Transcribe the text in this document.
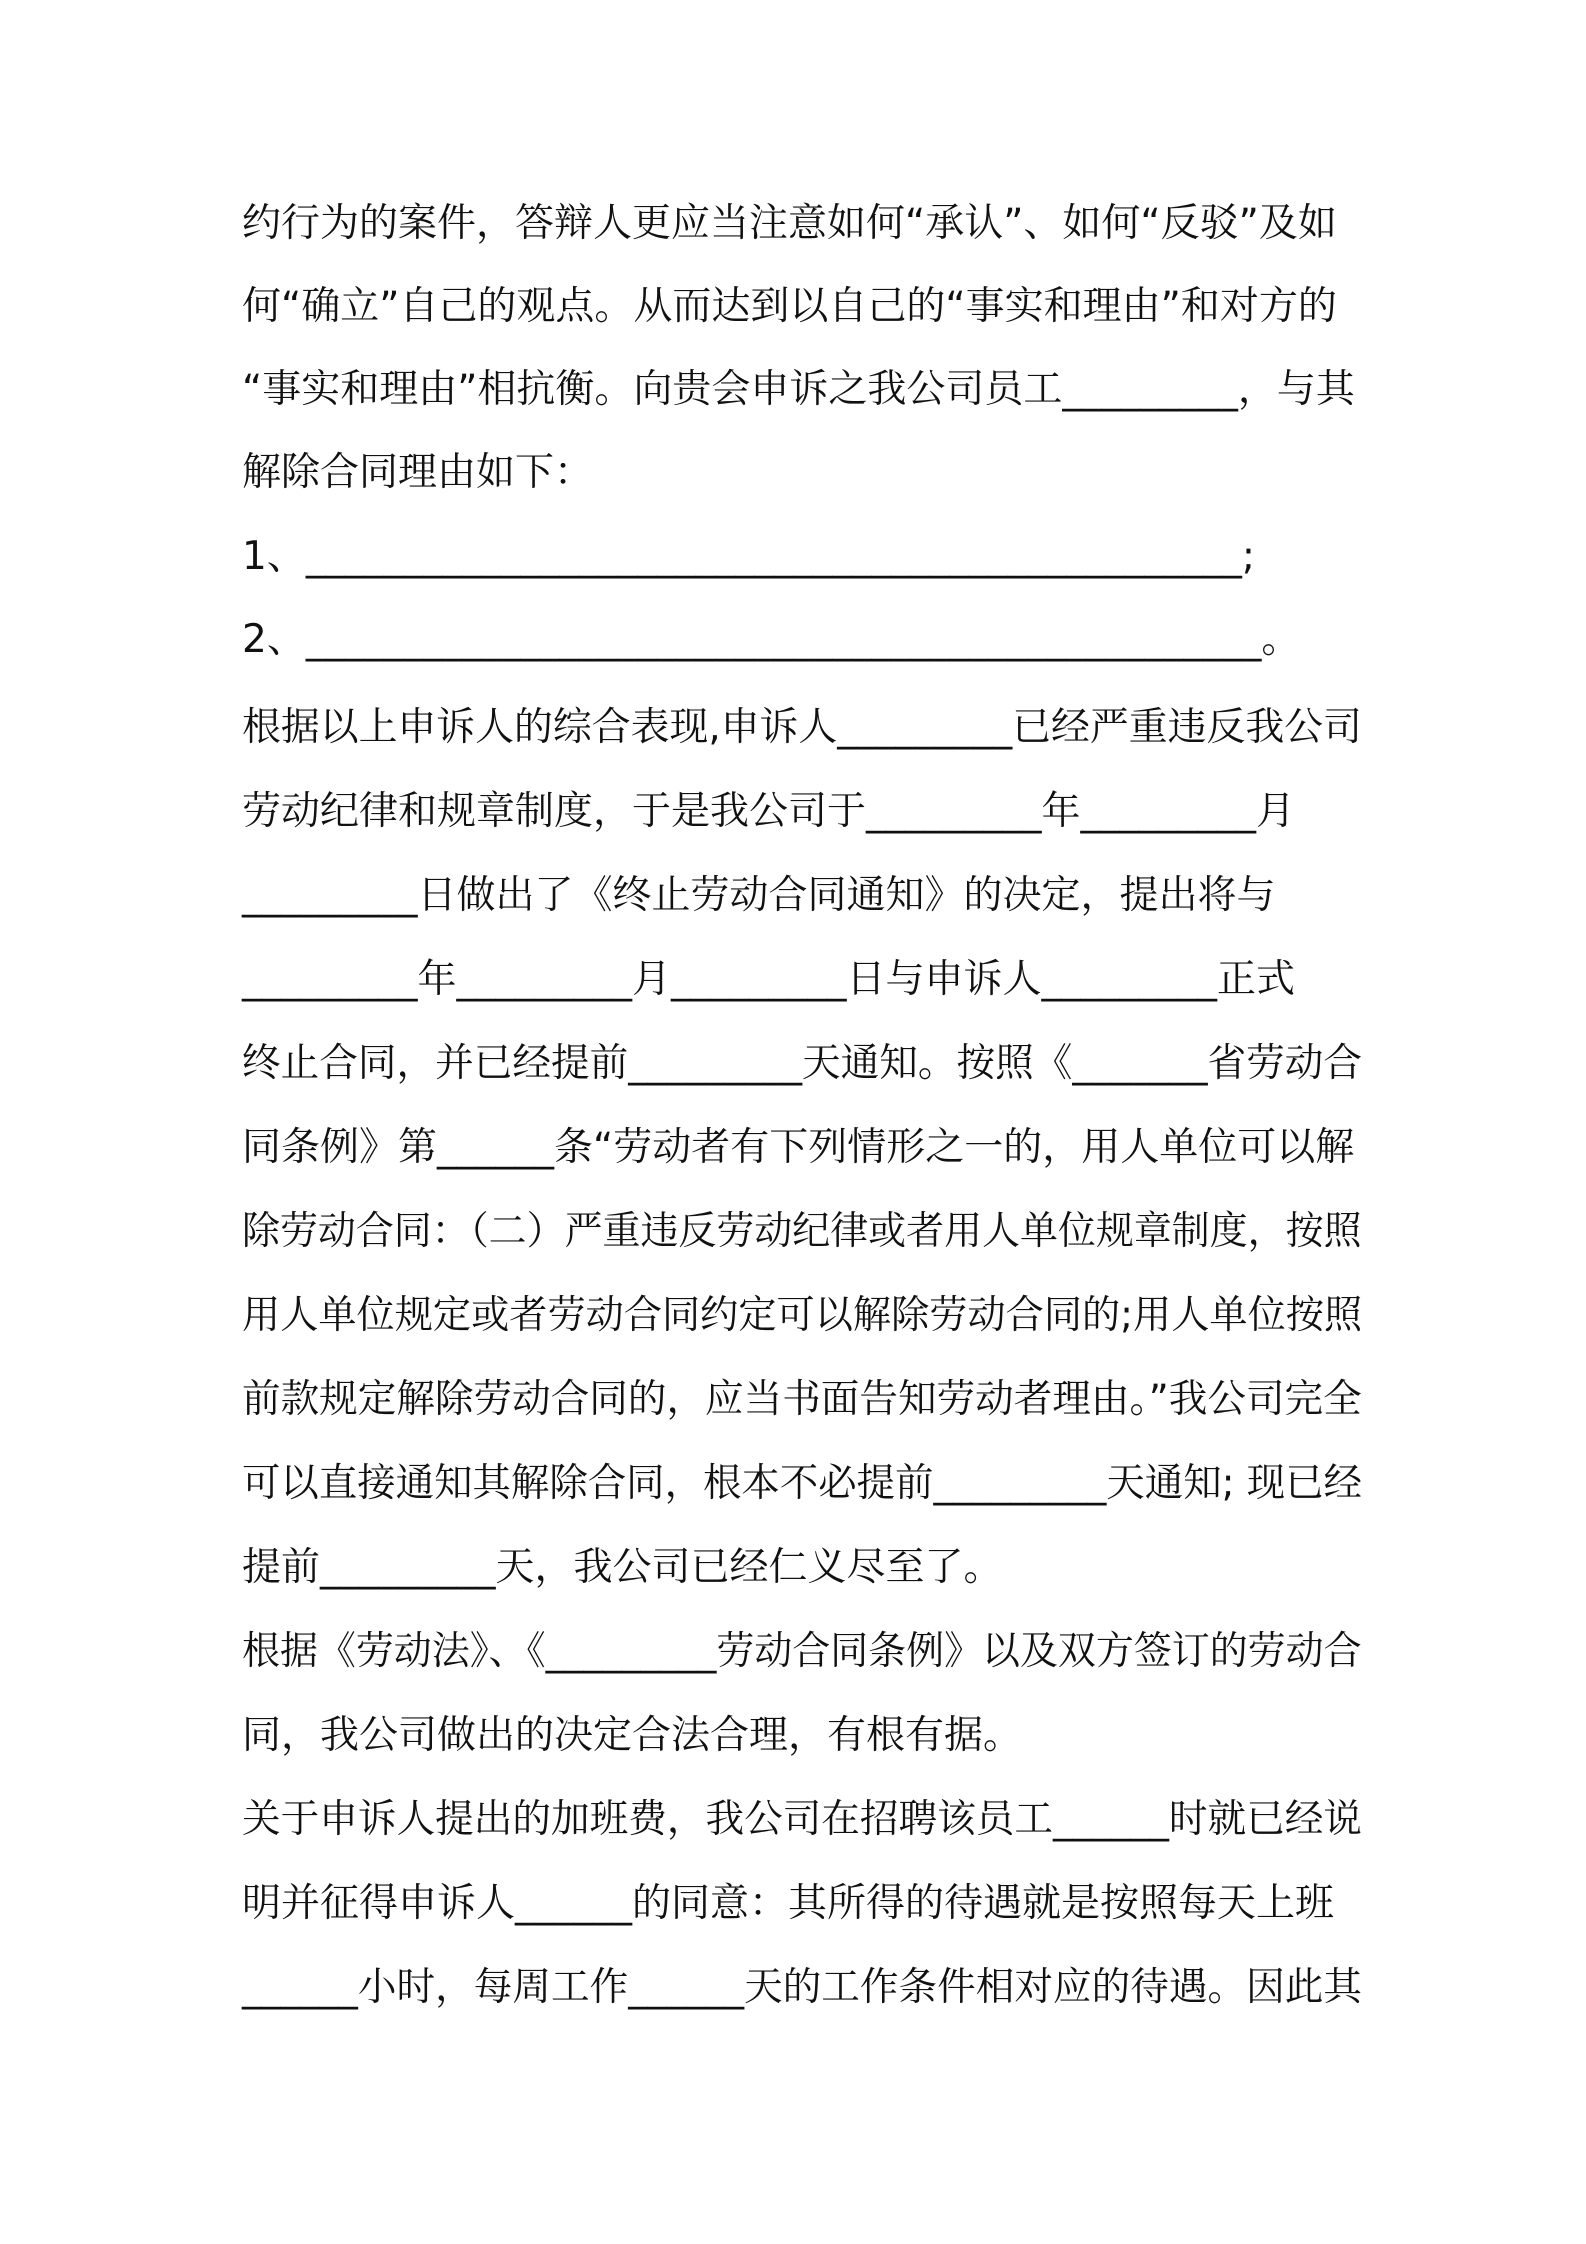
约行为的案件，答辩人更应当注意如何“承认”、如何“反驳”及如
何“确立”自己的观点。从而达到以自己的“事实和理由”和对方的
“事实和理由”相抗衡。向贵会申诉之我公司员工_________，与其
解除合同理由如下：
1、________________________________________________;
2、_________________________________________________。
根据以上申诉人的综合表现,申诉人_________已经严重违反我公司
劳动纪律和规章制度，于是我公司于_________年_________月
_________日做出了《终止劳动合同通知》的决定，提出将与
_________年_________月_________日与申诉人_________正式
终止合同，并已经提前_________天通知。按照《_______省劳动合
同条例》第______条“劳动者有下列情形之一的，用人单位可以解
除劳动合同：（二）严重违反劳动纪律或者用人单位规章制度，按照
用人单位规定或者劳动合同约定可以解除劳动合同的;用人单位按照
前款规定解除劳动合同的，应当书面告知劳动者理由。”我公司完全
可以直接通知其解除合同，根本不必提前_________天通知; 现已经
提前_________天，我公司已经仁义尽至了。
根据《劳动法》、《_________劳动合同条例》以及双方签订的劳动合
同，我公司做出的决定合法合理，有根有据。
关于申诉人提出的加班费，我公司在招聘该员工______时就已经说
明并征得申诉人______的同意：其所得的待遇就是按照每天上班
______小时，每周工作______天的工作条件相对应的待遇。因此其
